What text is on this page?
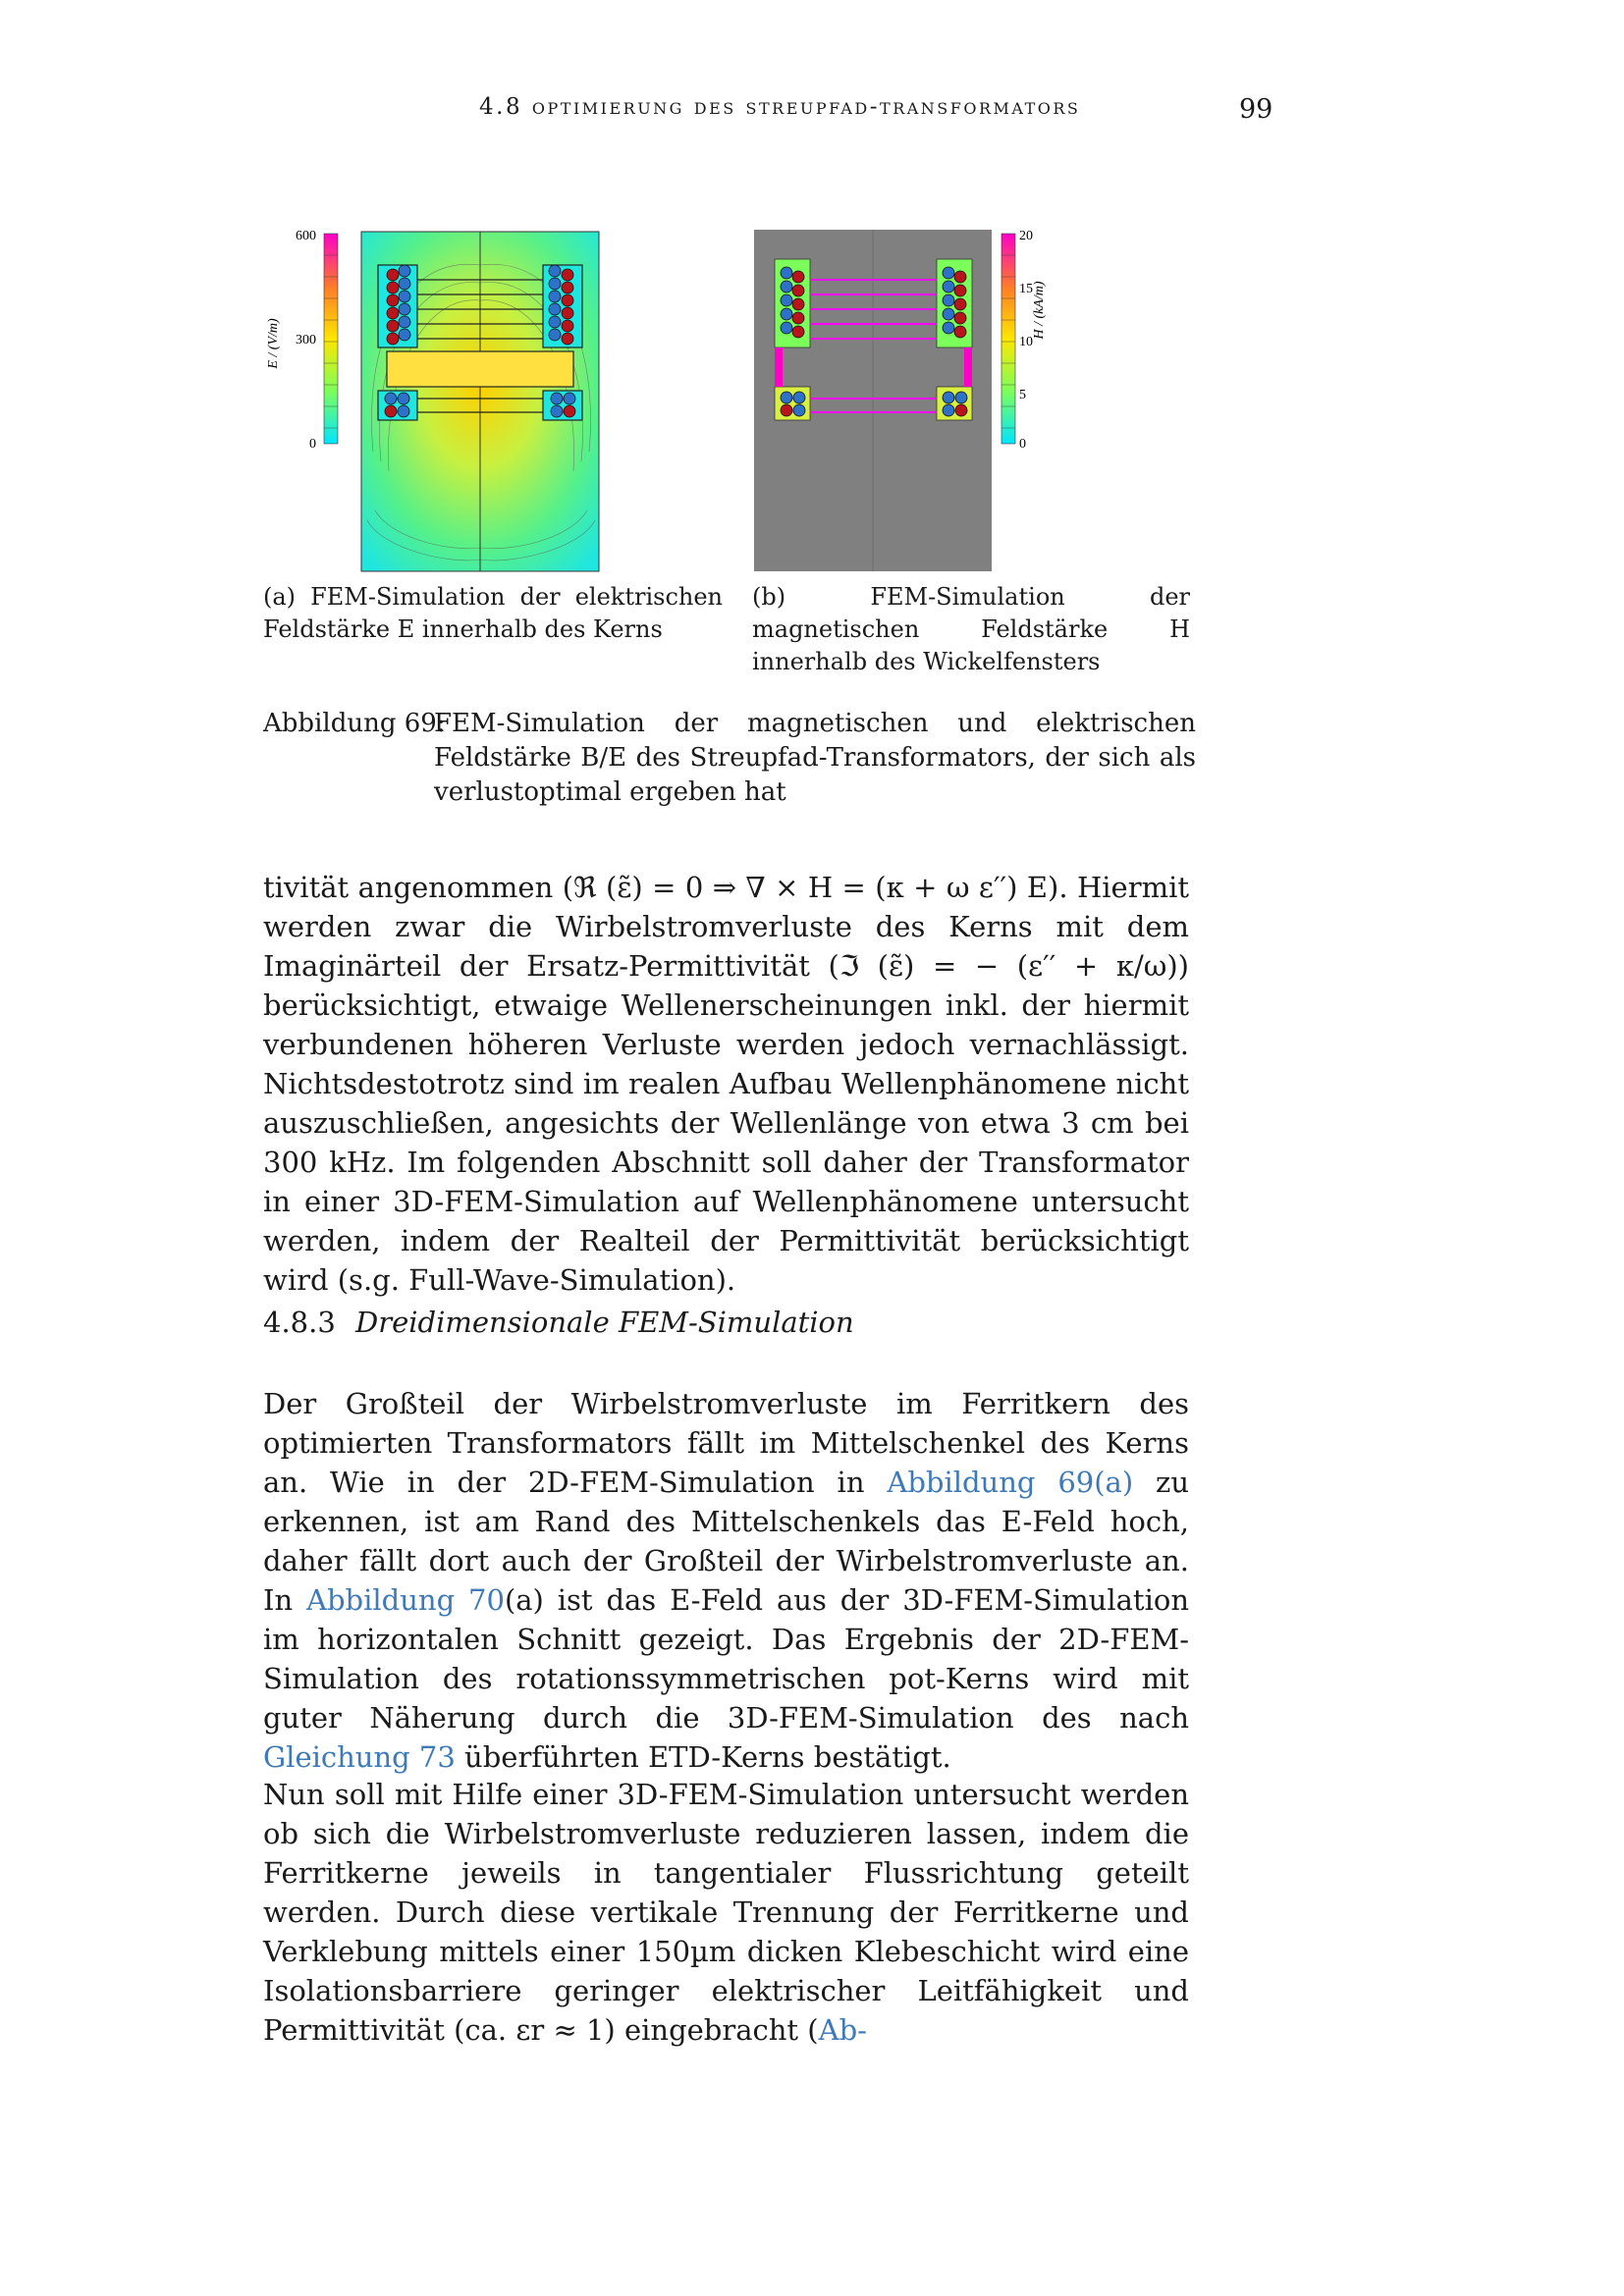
4.8 optimierung des streupfad-transformators	99
600
300
0
E / (V/m)
20
15
10
5
0
H / (kA/m)
(a) FEM-Simulation der elektrischen Feldstärke E innerhalb des Kerns
(b) FEM-Simulation der magnetischen Feldstärke H innerhalb des Wickelfensters
Abbildung 69:
FEM-Simulation der magnetischen und elektrischen Feldstärke B/E des Streupfad-Transformators, der sich als verlustoptimal ergeben hat
tivität angenommen (ℜ (ε̃) = 0 ⇒ ∇ × H = (κ + ω ε′′) E). Hiermit werden zwar die Wirbelstromverluste des Kerns mit dem Imaginärteil der Ersatz-Permittivität (ℑ (ε̃) = − (ε′′ + κ/ω)) berücksichtigt, etwaige Wellenerscheinungen inkl. der hiermit verbundenen höheren Verluste werden jedoch vernachlässigt. Nichtsdestotrotz sind im realen Aufbau Wellenphänomene nicht auszuschließen, angesichts der Wellenlänge von etwa 3 cm bei 300 kHz. Im folgenden Abschnitt soll daher der Transformator in einer 3D-FEM-Simulation auf Wellenphänomene untersucht werden, indem der Realteil der Permittivität berücksichtigt wird (s.g. Full-Wave-Simulation).
4.8.3 Dreidimensionale FEM-Simulation
Der Großteil der Wirbelstromverluste im Ferritkern des optimierten Transformators fällt im Mittelschenkel des Kerns an. Wie in der 2D-FEM-Simulation in Abbildung 69(a) zu erkennen, ist am Rand des Mittelschenkels das E-Feld hoch, daher fällt dort auch der Großteil der Wirbelstromverluste an. In Abbildung 70(a) ist das E-Feld aus der 3D-FEM-Simulation im horizontalen Schnitt gezeigt. Das Ergebnis der 2D-FEM-Simulation des rotationssymmetrischen pot-Kerns wird mit guter Näherung durch die 3D-FEM-Simulation des nach Gleichung 73 überführten ETD-Kerns bestätigt.
Nun soll mit Hilfe einer 3D-FEM-Simulation untersucht werden ob sich die Wirbelstromverluste reduzieren lassen, indem die Ferritkerne jeweils in tangentialer Flussrichtung geteilt werden. Durch diese vertikale Trennung der Ferritkerne und Verklebung mittels einer 150µm dicken Klebeschicht wird eine Isolationsbarriere geringer elektrischer Leitfähigkeit und Permittivität (ca. εr ≈ 1) eingebracht (Ab-
